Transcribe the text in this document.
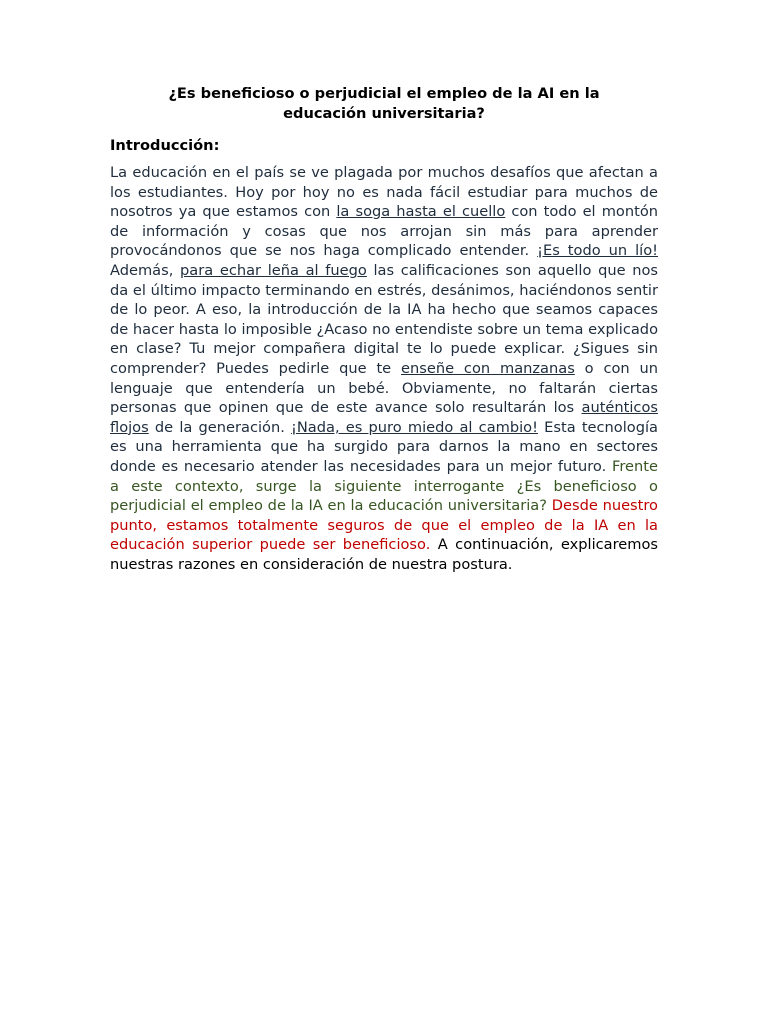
¿Es beneficioso o perjudicial el empleo de la AI en la educación universitaria?
Introducción:

La educación en el país se ve plagada por muchos desafíos que afectan a los estudiantes. Hoy por hoy no es nada fácil estudiar para muchos de nosotros ya que estamos con la soga hasta el cuello con todo el montón de información y cosas que nos arrojan sin más para aprender provocándonos que se nos haga complicado entender. ¡Es todo un lío! Además, para echar leña al fuego las calificaciones son aquello que nos da el último impacto terminando en estrés, desánimos, haciéndonos sentir de lo peor. A eso, la introducción de la IA ha hecho que seamos capaces de hacer hasta lo imposible ¿Acaso no entendiste sobre un tema explicado en clase? Tu mejor compañera digital te lo puede explicar. ¿Sigues sin comprender? Puedes pedirle que te enseñe con manzanas o con un lenguaje que entendería un bebé. Obviamente, no faltarán ciertas personas que opinen que de este avance solo resultarán los auténticos flojos de la generación. ¡Nada, es puro miedo al cambio! Esta tecnología es una herramienta que ha surgido para darnos la mano en sectores donde es necesario atender las necesidades para un mejor futuro. Frente a este contexto, surge la siguiente interrogante ¿Es beneficioso o perjudicial el empleo de la IA en la educación universitaria? Desde nuestro punto, estamos totalmente seguros de que el empleo de la IA en la educación superior puede ser beneficioso. A continuación, explicaremos nuestras razones en consideración de nuestra postura.
